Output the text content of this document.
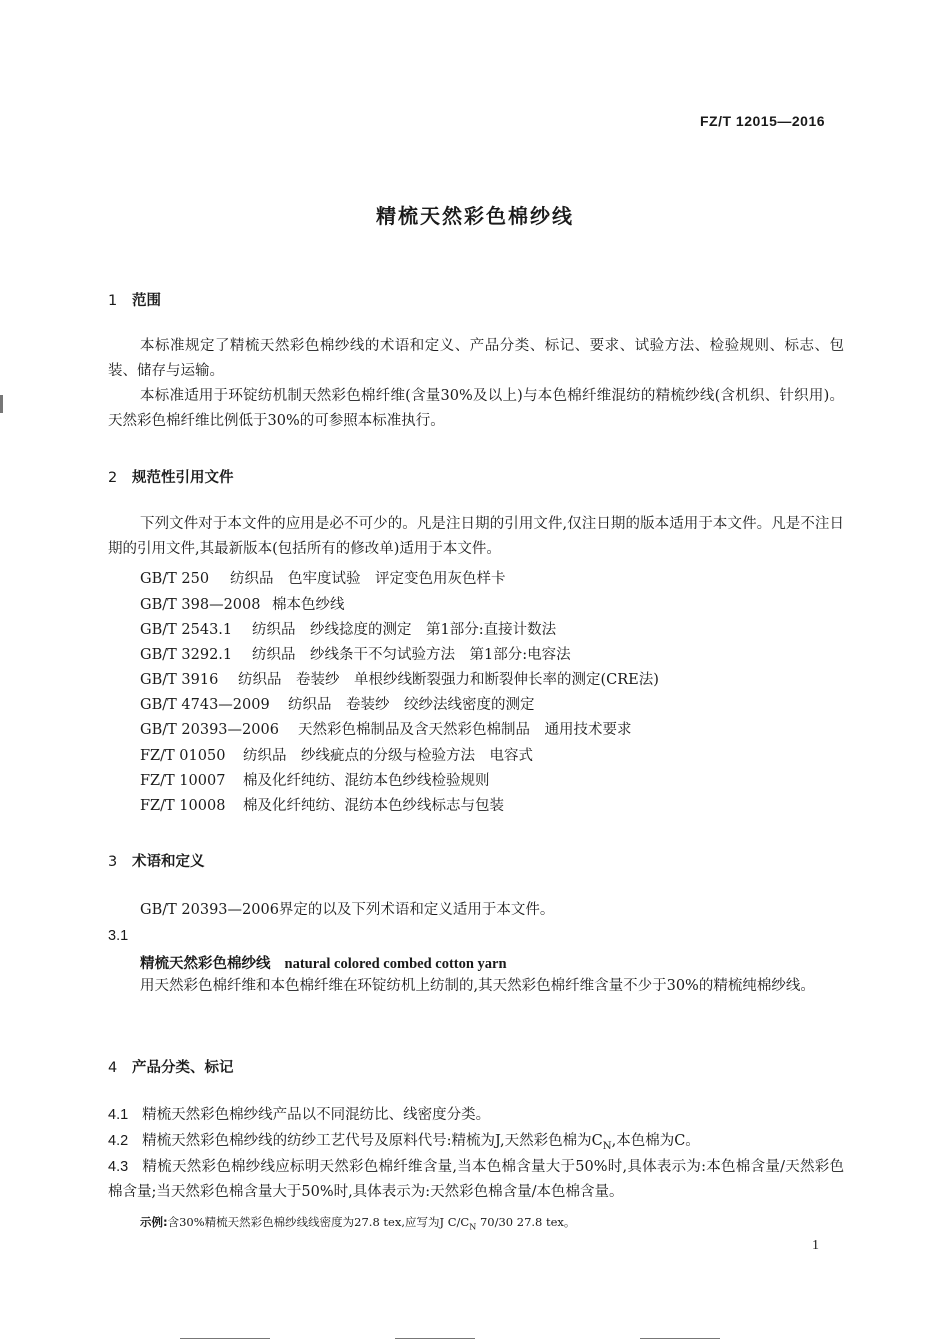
FZ/T 12015—2016
精梳天然彩色棉纱线
1 范围
本标准规定了精梳天然彩色棉纱线的术语和定义、产品分类、标记、要求、试验方法、检验规则、标志、包装、储存与运输。
本标准适用于环锭纺机制天然彩色棉纤维(含量30%及以上)与本色棉纤维混纺的精梳纱线(含机织、针织用)。天然彩色棉纤维比例低于30%的可参照本标准执行。
2 规范性引用文件
下列文件对于本文件的应用是必不可少的。凡是注日期的引用文件,仅注日期的版本适用于本文件。凡是不注日期的引用文件,其最新版本(包括所有的修改单)适用于本文件。
GB/T 250 纺织品　色牢度试验　评定变色用灰色样卡
GB/T 398—2008 棉本色纱线
GB/T 2543.1 纺织品　纱线捻度的测定　第1部分:直接计数法
GB/T 3292.1 纺织品　纱线条干不匀试验方法　第1部分:电容法
GB/T 3916 纺织品　卷装纱　单根纱线断裂强力和断裂伸长率的测定(CRE法)
GB/T 4743—2009 纺织品　卷装纱　绞纱法线密度的测定
GB/T 20393—2006 天然彩色棉制品及含天然彩色棉制品　通用技术要求
FZ/T 01050 纺织品　纱线疵点的分级与检验方法　电容式
FZ/T 10007 棉及化纤纯纺、混纺本色纱线检验规则
FZ/T 10008 棉及化纤纯纺、混纺本色纱线标志与包装
3 术语和定义
GB/T 20393—2006界定的以及下列术语和定义适用于本文件。
3.1
精梳天然彩色棉纱线 natural colored combed cotton yarn
用天然彩色棉纤维和本色棉纤维在环锭纺机上纺制的,其天然彩色棉纤维含量不少于30%的精梳纯棉纱线。
4 产品分类、标记
4.1 精梳天然彩色棉纱线产品以不同混纺比、线密度分类。
4.2 精梳天然彩色棉纱线的纺纱工艺代号及原料代号:精梳为J,天然彩色棉为$C_N$,本色棉为C。
4.3 精梳天然彩色棉纱线应标明天然彩色棉纤维含量,当本色棉含量大于50%时,具体表示为:本色棉含量/天然彩色棉含量;当天然彩色棉含量大于50%时,具体表示为:天然彩色棉含量/本色棉含量。
示例:含30%精梳天然彩色棉纱线线密度为27.8 tex,应写为J $C/C_N$ 70/30 27.8 tex。
1
